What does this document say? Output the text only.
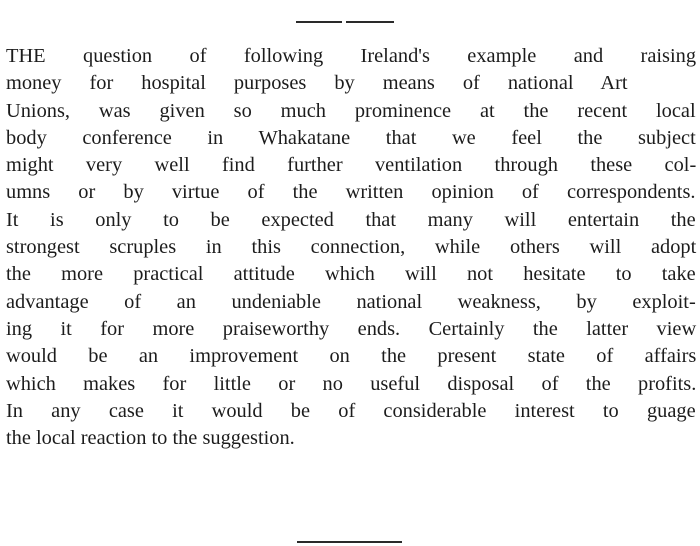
THE question of following Ireland's example and raising
money for hospital purposes by means of national Art
Unions, was given so much prominence at the recent local
body conference in Whakatane that we feel the subject
might very well find further ventilation through these col-
umns or by virtue of the written opinion of correspondents.
It is only to be expected that many will entertain the
strongest scruples in this connection, while others will adopt
the more practical attitude which will not hesitate to take
advantage of an undeniable national weakness, by exploit-
ing it for more praiseworthy ends. Certainly the latter view
would be an improvement on the present state of affairs
which makes for little or no useful disposal of the profits.
In any case it would be of considerable interest to guage
the local reaction to the suggestion.
